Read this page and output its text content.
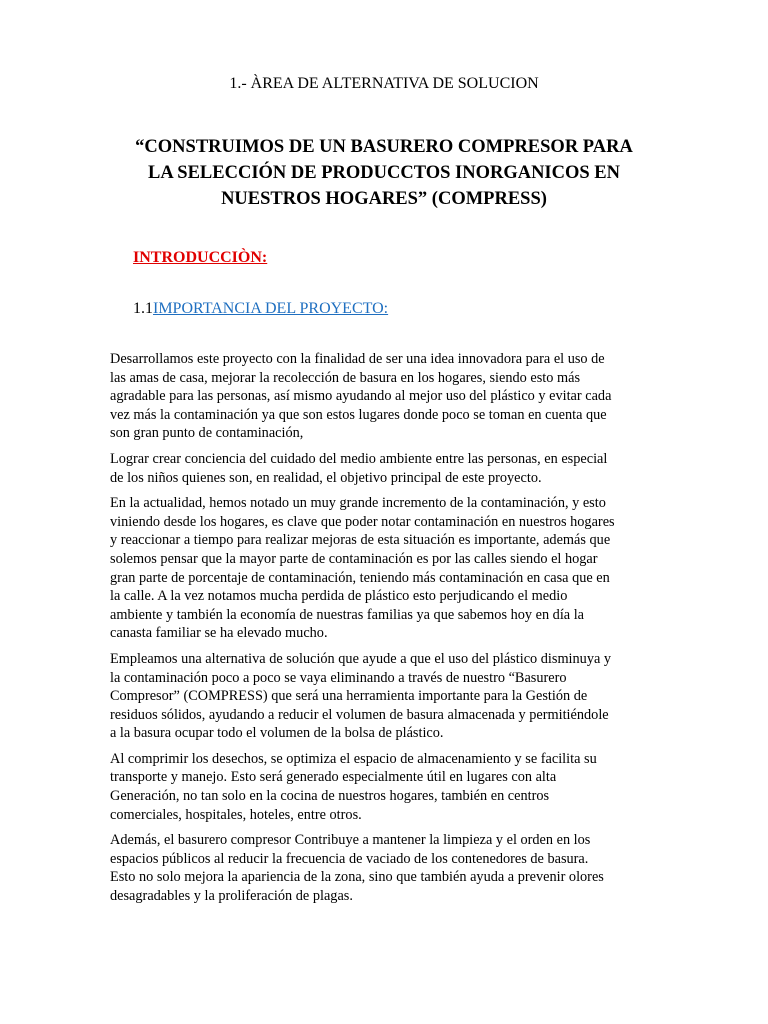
1.- ÀREA DE ALTERNATIVA DE SOLUCION
“CONSTRUIMOS DE UN BASURERO COMPRESOR PARA
LA SELECCIÓN DE PRODUCCTOS INORGANICOS EN
NUESTROS HOGARES” (COMPRESS)
INTRODUCCIÒN:
1.1IMPORTANCIA DEL PROYECTO:

Desarrollamos este proyecto con la finalidad de ser una idea innovadora para el uso de
las amas de casa, mejorar la recolección de basura en los hogares, siendo esto más
agradable para las personas, así mismo ayudando al mejor uso del plástico y evitar cada
vez más la contaminación ya que son estos lugares donde poco se toman en cuenta que
son gran punto de contaminación,

Lograr crear conciencia del cuidado del medio ambiente entre las personas, en especial
de los niños quienes son, en realidad, el objetivo principal de este proyecto.

En la actualidad, hemos notado un muy grande incremento de la contaminación, y esto
viniendo desde los hogares, es clave que poder notar contaminación en nuestros hogares
y reaccionar a tiempo para realizar mejoras de esta situación es importante, además que
solemos pensar que la mayor parte de contaminación es por las calles siendo el hogar
gran parte de porcentaje de contaminación, teniendo más contaminación en casa que en
la calle. A la vez notamos mucha perdida de plástico esto perjudicando el medio
ambiente y también la economía de nuestras familias ya que sabemos hoy en día la
canasta familiar se ha elevado mucho.

Empleamos una alternativa de solución que ayude a que el uso del plástico disminuya y
la contaminación poco a poco se vaya eliminando a través de nuestro “Basurero
Compresor” (COMPRESS) que será una herramienta importante para la Gestión de
residuos sólidos, ayudando a reducir el volumen de basura almacenada y permitiéndole
a la basura ocupar todo el volumen de la bolsa de plástico.

Al comprimir los desechos, se optimiza el espacio de almacenamiento y se facilita su
transporte y manejo. Esto será generado especialmente útil en lugares con alta
Generación, no tan solo en la cocina de nuestros hogares, también en centros
comerciales, hospitales, hoteles, entre otros.

Además, el basurero compresor Contribuye a mantener la limpieza y el orden en los
espacios públicos al reducir la frecuencia de vaciado de los contenedores de basura.
Esto no solo mejora la apariencia de la zona, sino que también ayuda a prevenir olores
desagradables y la proliferación de plagas.
